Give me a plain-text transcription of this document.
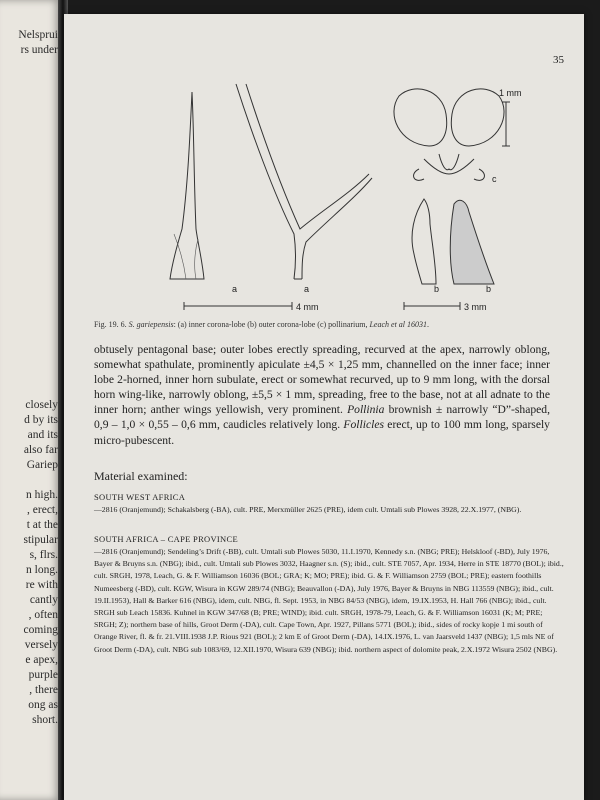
Nelsprui
rs under
closely
d by its
and its
also far
Gariep
n high.
, erect,
t at the
stipular
s, flrs.
n long.
re with
cantly
, often
coming
versely
e apex,
purple
, there
ong as
short.
35
a	a	b	b
c
4 mm	3 mm
1 mm
Fig. 19. 6. S. gariepensis: (a) inner corona-lobe (b) outer corona-lobe (c) pollinarium, Leach et al 16031.
obtusely pentagonal base; outer lobes erectly spreading, recurved at the apex, narrowly oblong, somewhat spathulate, prominently apiculate ±4,5 × 1,25 mm, channelled on the inner face; inner lobe 2-horned, inner horn subulate, erect or somewhat recurved, up to 9 mm long, with the dorsal horn wing-like, narrowly oblong, ±5,5 × 1 mm, spreading, free to the base, not at all adnate to the inner horn; anther wings yellowish, very prominent. Pollinia brownish ± narrowly “D”-shaped, 0,9 – 1,0 × 0,55 – 0,6 mm, caudicles relatively long. Follicles erect, up to 100 mm long, sparsely micro-pubescent.
Material examined:
SOUTH WEST AFRICA
—2816 (Oranjemund); Schakalsberg (-BA), cult. PRE, Merxmüller 2625 (PRE), idem cult. Umtali sub Plowes 3928, 22.X.1977, (NBG).
SOUTH AFRICA – CAPE PROVINCE
—2816 (Oranjemund); Sendeling’s Drift (-BB), cult. Umtali sub Plowes 5030, 11.I.1970, Kennedy s.n. (NBG; PRE); Helskloof (-BD), July 1976, Bayer & Bruyns s.n. (NBG); ibid., cult. Umtali sub Plowes 3032, Haagner s.n. (S); ibid., cult. STE 7057, Apr. 1934, Herre in STE 18770 (BOL); ibid., cult. SRGH, 1978, Leach, G. & F. Williamson 16036 (BOL; GRA; K; MO; PRE); ibid. G. & F. Williamson 2759 (BOL; PRE); eastern foothills Numeesberg (-BD), cult. KGW, Wisura in KGW 289/74 (NBG); Beauvallon (-DA), July 1976, Bayer & Bruyns in NBG 113559 (NBG); ibid., cult. 19.II.1953), Hall & Barker 616 (NBG), idem, cult. NBG, fl. Sept. 1953, in NBG 84/53 (NBG), idem, 19.IX.1953, H. Hall 766 (NBG); ibid., cult. SRGH sub Leach 15836. Kuhnel in KGW 347/68 (B; PRE; WIND); ibid. cult. SRGH, 1978-79, Leach, G. & F. Williamson 16031 (K; M; PRE; SRGH; Z); northern base of hills, Groot Derm (-DA), cult. Cape Town, Apr. 1927, Pillans 5771 (BOL); ibid., sides of rocky kopje 1 mi south of Orange River, fl. & fr. 21.VIII.1938 J.P. Rious 921 (BOL); 2 km E of Groot Derm (-DA), 14.IX.1976, L. van Jaarsveld 1437 (NBG); 1,5 mls NE of Groot Derm (-DA), cult. NBG sub 1083/69, 12.XII.1970, Wisura 639 (NBG); ibid. northern aspect of dolomite peak, 2.X.1972 Wisura 2502 (NBG).
